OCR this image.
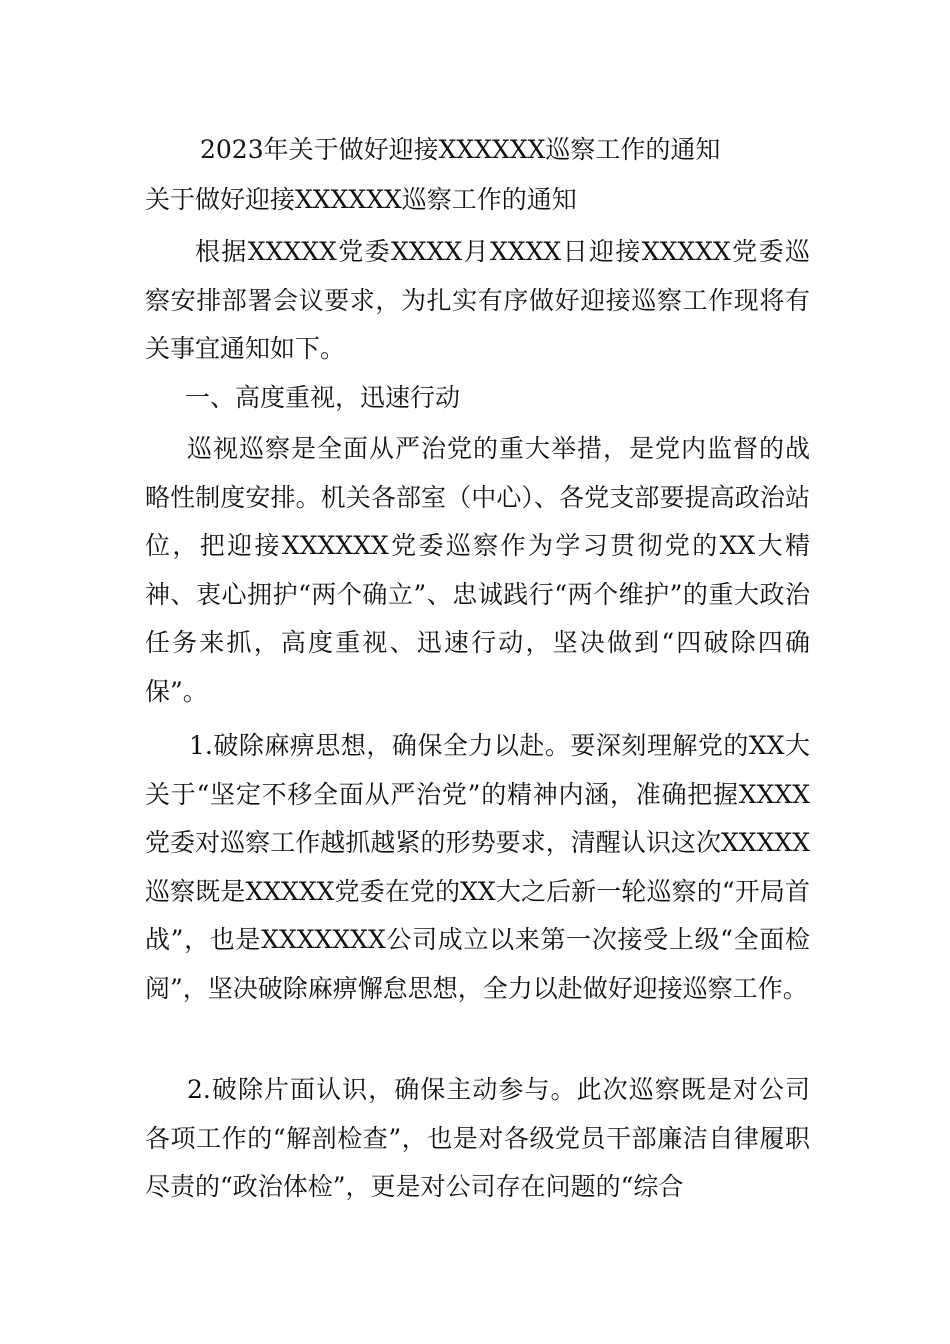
2023年关于做好迎接XXXXXX巡察工作的通知
关于做好迎接XXXXXX巡察工作的通知

根据XXXXX党委XXXX月XXXX日迎接XXXXX党委巡察安排部署会议要求，为扎实有序做好迎接巡察工作现将有关事宜通知如下。

一、高度重视，迅速行动

巡视巡察是全面从严治党的重大举措，是党内监督的战略性制度安排。机关各部室（中心）、各党支部要提高政治站位，把迎接XXXXXX党委巡察作为学习贯彻党的XX大精神、衷心拥护“两个确立”、忠诚践行“两个维护”的重大政治任务来抓，高度重视、迅速行动，坚决做到“四破除四确保”。

1.破除麻痹思想，确保全力以赴。要深刻理解党的XX大关于“坚定不移全面从严治党”的精神内涵，准确把握XXXX党委对巡察工作越抓越紧的形势要求，清醒认识这次XXXXX巡察既是XXXXX党委在党的XX大之后新一轮巡察的“开局首战”，也是XXXXXXX公司成立以来第一次接受上级“全面检阅”，坚决破除麻痹懈怠思想，全力以赴做好迎接巡察工作。

2.破除片面认识，确保主动参与。此次巡察既是对公司各项工作的“解剖检查”，也是对各级党员干部廉洁自律履职尽责的“政治体检”，更是对公司存在问题的“综合
